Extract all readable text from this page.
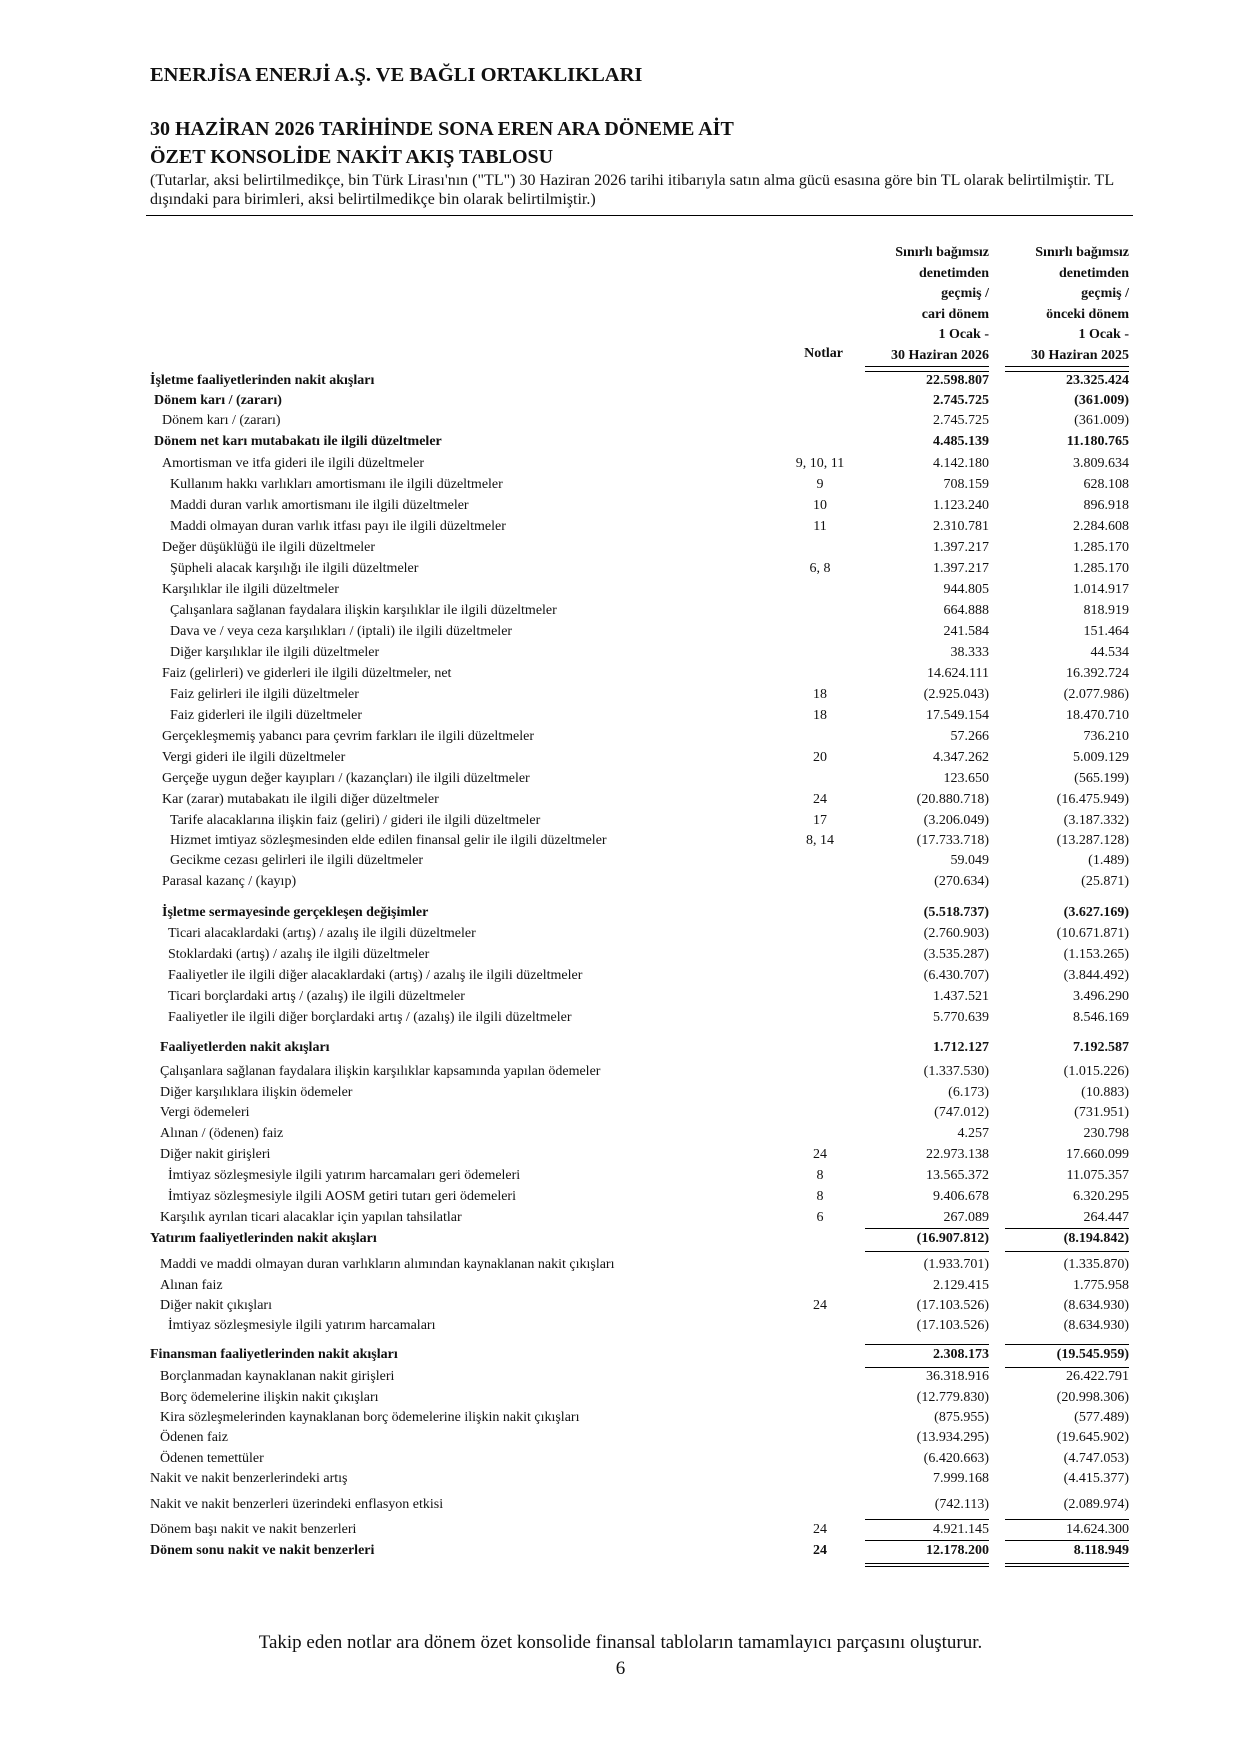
ENERJİSA ENERJİ A.Ş. VE BAĞLI ORTAKLIKLARI
30 HAZİRAN 2026 TARİHİNDE SONA EREN ARA DÖNEME AİT
ÖZET KONSOLİDE NAKİT AKIŞ TABLOSU
(Tutarlar, aksi belirtilmedikçe, bin Türk Lirası'nın ("TL") 30 Haziran 2026 tarihi itibarıyla satın alma gücü esasına göre bin TL olarak belirtilmiştir. TL dışındaki para birimleri, aksi belirtilmedikçe bin olarak belirtilmiştir.)
Sınırlı bağımsız
denetimden
geçmiş /
cari dönem
1 Ocak -
30 Haziran 2026
Sınırlı bağımsız
denetimden
geçmiş /
önceki dönem
1 Ocak -
30 Haziran 2025
Notlar
İşletme faaliyetlerinden nakit akışları	22.598.807	23.325.424
Dönem karı / (zararı)	2.745.725	(361.009)
Dönem karı / (zararı)	2.745.725	(361.009)
Dönem net karı mutabakatı ile ilgili düzeltmeler	4.485.139	11.180.765
Amortisman ve itfa gideri ile ilgili düzeltmeler	9, 10, 11	4.142.180	3.809.634
Kullanım hakkı varlıkları amortismanı ile ilgili düzeltmeler	9	708.159	628.108
Maddi duran varlık amortismanı ile ilgili düzeltmeler	10	1.123.240	896.918
Maddi olmayan duran varlık itfası payı ile ilgili düzeltmeler	11	2.310.781	2.284.608
Değer düşüklüğü ile ilgili düzeltmeler	1.397.217	1.285.170
Şüpheli alacak karşılığı ile ilgili düzeltmeler	6, 8	1.397.217	1.285.170
Karşılıklar ile ilgili düzeltmeler	944.805	1.014.917
Çalışanlara sağlanan faydalara ilişkin karşılıklar ile ilgili düzeltmeler	664.888	818.919
Dava ve / veya ceza karşılıkları / (iptali) ile ilgili düzeltmeler	241.584	151.464
Diğer karşılıklar ile ilgili düzeltmeler	38.333	44.534
Faiz (gelirleri) ve giderleri ile ilgili düzeltmeler, net	14.624.111	16.392.724
Faiz gelirleri ile ilgili düzeltmeler	18	(2.925.043)	(2.077.986)
Faiz giderleri ile ilgili düzeltmeler	18	17.549.154	18.470.710
Gerçekleşmemiş yabancı para çevrim farkları ile ilgili düzeltmeler	57.266	736.210
Vergi gideri ile ilgili düzeltmeler	20	4.347.262	5.009.129
Gerçeğe uygun değer kayıpları / (kazançları) ile ilgili düzeltmeler	123.650	(565.199)
Kar (zarar) mutabakatı ile ilgili diğer düzeltmeler	24	(20.880.718)	(16.475.949)
Tarife alacaklarına ilişkin faiz (geliri) / gideri ile ilgili düzeltmeler	17	(3.206.049)	(3.187.332)
Hizmet imtiyaz sözleşmesinden elde edilen finansal gelir ile ilgili düzeltmeler	8, 14	(17.733.718)	(13.287.128)
Gecikme cezası gelirleri ile ilgili düzeltmeler	59.049	(1.489)
Parasal kazanç / (kayıp)	(270.634)	(25.871)
İşletme sermayesinde gerçekleşen değişimler	(5.518.737)	(3.627.169)
Ticari alacaklardaki (artış) / azalış ile ilgili düzeltmeler	(2.760.903)	(10.671.871)
Stoklardaki (artış) / azalış ile ilgili düzeltmeler	(3.535.287)	(1.153.265)
Faaliyetler ile ilgili diğer alacaklardaki (artış) / azalış ile ilgili düzeltmeler	(6.430.707)	(3.844.492)
Ticari borçlardaki artış / (azalış) ile ilgili düzeltmeler	1.437.521	3.496.290
Faaliyetler ile ilgili diğer borçlardaki artış / (azalış) ile ilgili düzeltmeler	5.770.639	8.546.169
Faaliyetlerden nakit akışları	1.712.127	7.192.587
Çalışanlara sağlanan faydalara ilişkin karşılıklar kapsamında yapılan ödemeler	(1.337.530)	(1.015.226)
Diğer karşılıklara ilişkin ödemeler	(6.173)	(10.883)
Vergi ödemeleri	(747.012)	(731.951)
Alınan / (ödenen) faiz	4.257	230.798
Diğer nakit girişleri	24	22.973.138	17.660.099
İmtiyaz sözleşmesiyle ilgili yatırım harcamaları geri ödemeleri	8	13.565.372	11.075.357
İmtiyaz sözleşmesiyle ilgili AOSM getiri tutarı geri ödemeleri	8	9.406.678	6.320.295
Karşılık ayrılan ticari alacaklar için yapılan tahsilatlar	6	267.089	264.447
Yatırım faaliyetlerinden nakit akışları	(16.907.812)	(8.194.842)
Maddi ve maddi olmayan duran varlıkların alımından kaynaklanan nakit çıkışları	(1.933.701)	(1.335.870)
Alınan faiz	2.129.415	1.775.958
Diğer nakit çıkışları	24	(17.103.526)	(8.634.930)
İmtiyaz sözleşmesiyle ilgili yatırım harcamaları	(17.103.526)	(8.634.930)
Finansman faaliyetlerinden nakit akışları	2.308.173	(19.545.959)
Borçlanmadan kaynaklanan nakit girişleri	36.318.916	26.422.791
Borç ödemelerine ilişkin nakit çıkışları	(12.779.830)	(20.998.306)
Kira sözleşmelerinden kaynaklanan borç ödemelerine ilişkin nakit çıkışları	(875.955)	(577.489)
Ödenen faiz	(13.934.295)	(19.645.902)
Ödenen temettüler	(6.420.663)	(4.747.053)
Nakit ve nakit benzerlerindeki artış	7.999.168	(4.415.377)
Nakit ve nakit benzerleri üzerindeki enflasyon etkisi	(742.113)	(2.089.974)
Dönem başı nakit ve nakit benzerleri	24	4.921.145	14.624.300
Dönem sonu nakit ve nakit benzerleri	24	12.178.200	8.118.949
Takip eden notlar ara dönem özet konsolide finansal tabloların tamamlayıcı parçasını oluşturur.
6
